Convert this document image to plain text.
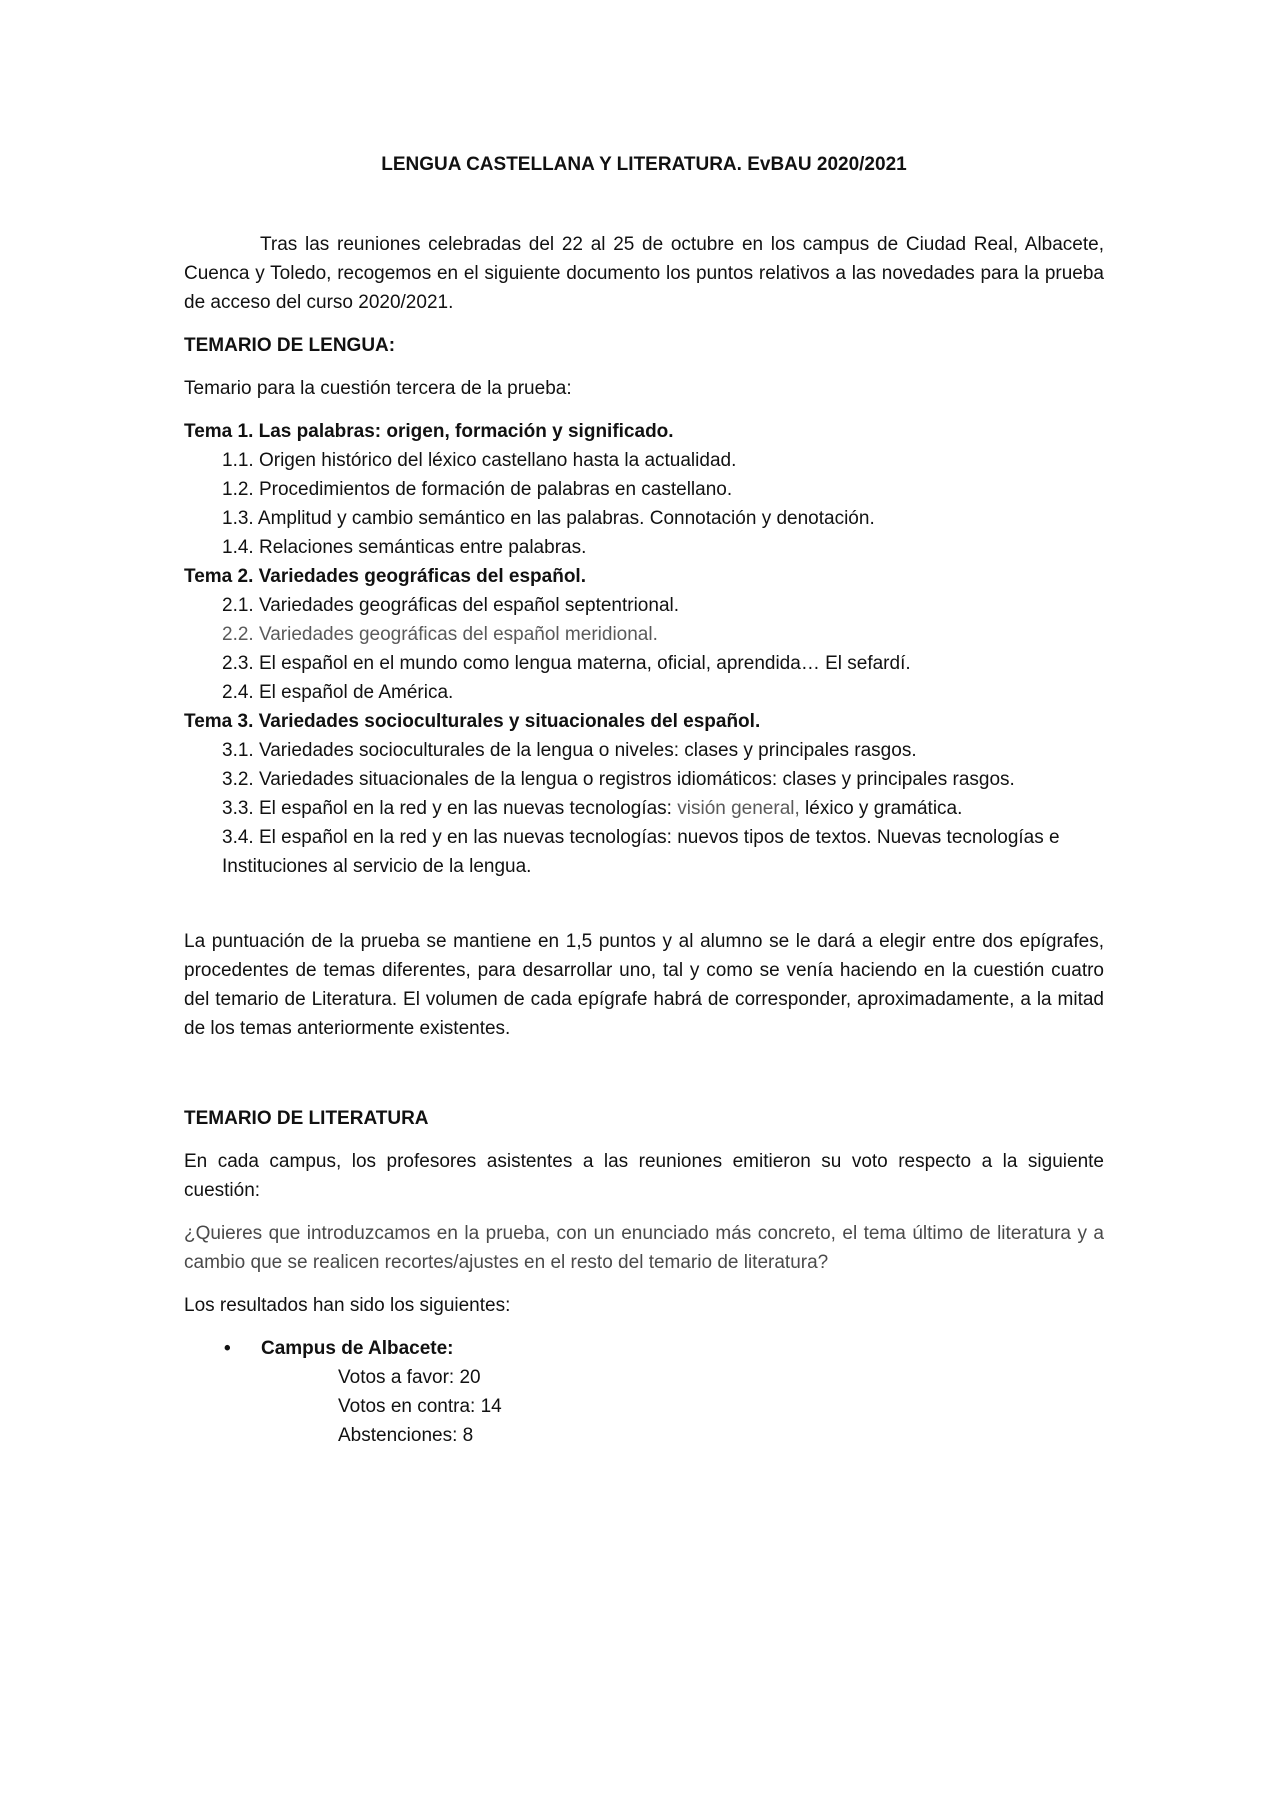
LENGUA CASTELLANA Y LITERATURA. EvBAU 2020/2021

Tras las reuniones celebradas del 22 al 25 de octubre en los campus de Ciudad Real, Albacete, Cuenca y Toledo, recogemos en el siguiente documento los puntos relativos a las novedades para la prueba de acceso del curso 2020/2021.

TEMARIO DE LENGUA:

Temario para la cuestión tercera de la prueba:

Tema 1. Las palabras: origen, formación y significado.

1.1. Origen histórico del léxico castellano hasta la actualidad.

1.2. Procedimientos de formación de palabras en castellano.

1.3. Amplitud y cambio semántico en las palabras. Connotación y denotación.

1.4. Relaciones semánticas entre palabras.

Tema 2. Variedades geográficas del español.

2.1. Variedades geográficas del español septentrional.

2.2. Variedades geográficas del español meridional.

2.3. El español en el mundo como lengua materna, oficial, aprendida… El sefardí.

2.4. El español de América.

Tema 3. Variedades socioculturales y situacionales del español.

3.1. Variedades socioculturales de la lengua o niveles: clases y principales rasgos.

3.2. Variedades situacionales de la lengua o registros idiomáticos: clases y principales rasgos.

3.3. El español en la red y en las nuevas tecnologías: visión general, léxico y gramática.

3.4. El español en la red y en las nuevas tecnologías: nuevos tipos de textos. Nuevas tecnologías e Instituciones al servicio de la lengua.

La puntuación de la prueba se mantiene en 1,5 puntos y al alumno se le dará a elegir entre dos epígrafes, procedentes de temas diferentes, para desarrollar uno, tal y como se venía haciendo en la cuestión cuatro del temario de Literatura. El volumen de cada epígrafe habrá de corresponder, aproximadamente, a la mitad de los temas anteriormente existentes.

TEMARIO DE LITERATURA

En cada campus, los profesores asistentes a las reuniones emitieron su voto respecto a la siguiente cuestión:

¿Quieres que introduzcamos en la prueba, con un enunciado más concreto, el tema último de literatura y a cambio que se realicen recortes/ajustes en el resto del temario de literatura?

Los resultados han sido los siguientes:

• Campus de Albacete:

Votos a favor: 20

Votos en contra: 14

Abstenciones: 8
